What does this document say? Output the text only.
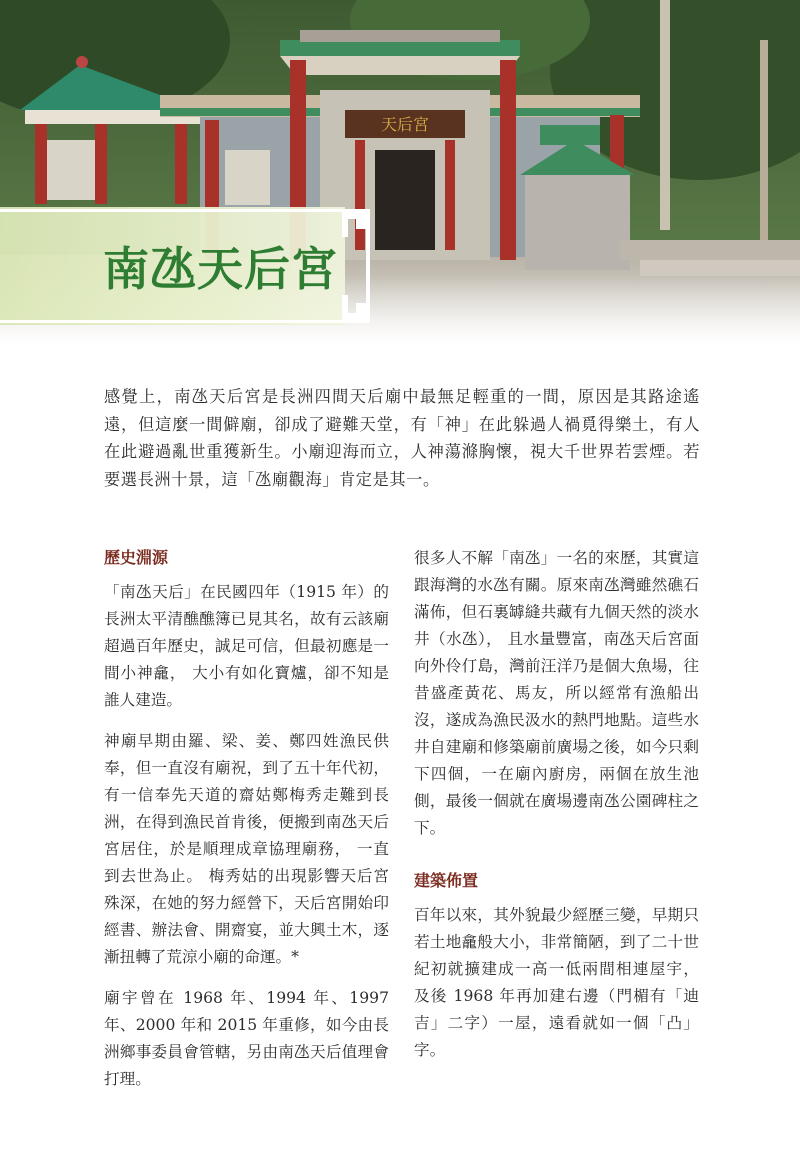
天后宮
南氹天后宮
感覺上，南氹天后宮是長洲四間天后廟中最無足輕重的一間，原因是其路途遙遠，但這麼一間僻廟，卻成了避難天堂，有「神」在此躲過人禍覓得樂土，有人在此避過亂世重獲新生。小廟迎海而立，人神蕩滌胸懷，視大千世界若雲煙。若要選長洲十景，這「氹廟觀海」肯定是其一。
歷史淵源

「南氹天后」在民國四年（1915 年）的長洲太平清醮醮簿已見其名，故有云該廟超過百年歷史，誠足可信，但最初應是一間小神龕， 大小有如化寶爐，卻不知是誰人建造。

神廟早期由羅、梁、姜、鄭四姓漁民供奉，但一直沒有廟祝，到了五十年代初，有一信奉先天道的齋姑鄭梅秀走難到長洲，在得到漁民首肯後，便搬到南氹天后宮居住，於是順理成章協理廟務， 一直到去世為止。 梅秀姑的出現影響天后宮殊深，在她的努力經營下，天后宮開始印經書、辦法會、開齋宴，並大興土木，逐漸扭轉了荒涼小廟的命運。*

廟宇曾在 1968 年、1994 年、1997 年、2000 年和 2015 年重修，如今由長洲鄉事委員會管轄，另由南氹天后值理會打理。

很多人不解「南氹」一名的來歷，其實這跟海灣的水氹有關。原來南氹灣雖然礁石滿佈，但石裏罅縫共藏有九個天然的淡水井（水氹）， 且水量豐富，南氹天后宮面向外伶仃島，灣前汪洋乃是個大魚場，往昔盛產黃花、馬友，所以經常有漁船出沒，遂成為漁民汲水的熱門地點。這些水井自建廟和修築廟前廣場之後，如今只剩下四個，一在廟內廚房，兩個在放生池側，最後一個就在廣場邊南氹公園碑柱之下。

建築佈置

百年以來，其外貌最少經歷三變，早期只若土地龕般大小，非常簡陋，到了二十世紀初就擴建成一高一低兩間相連屋宇， 及後 1968 年再加建右邊（門楣有「迪吉」二字）一屋，遠看就如一個「凸」字。
